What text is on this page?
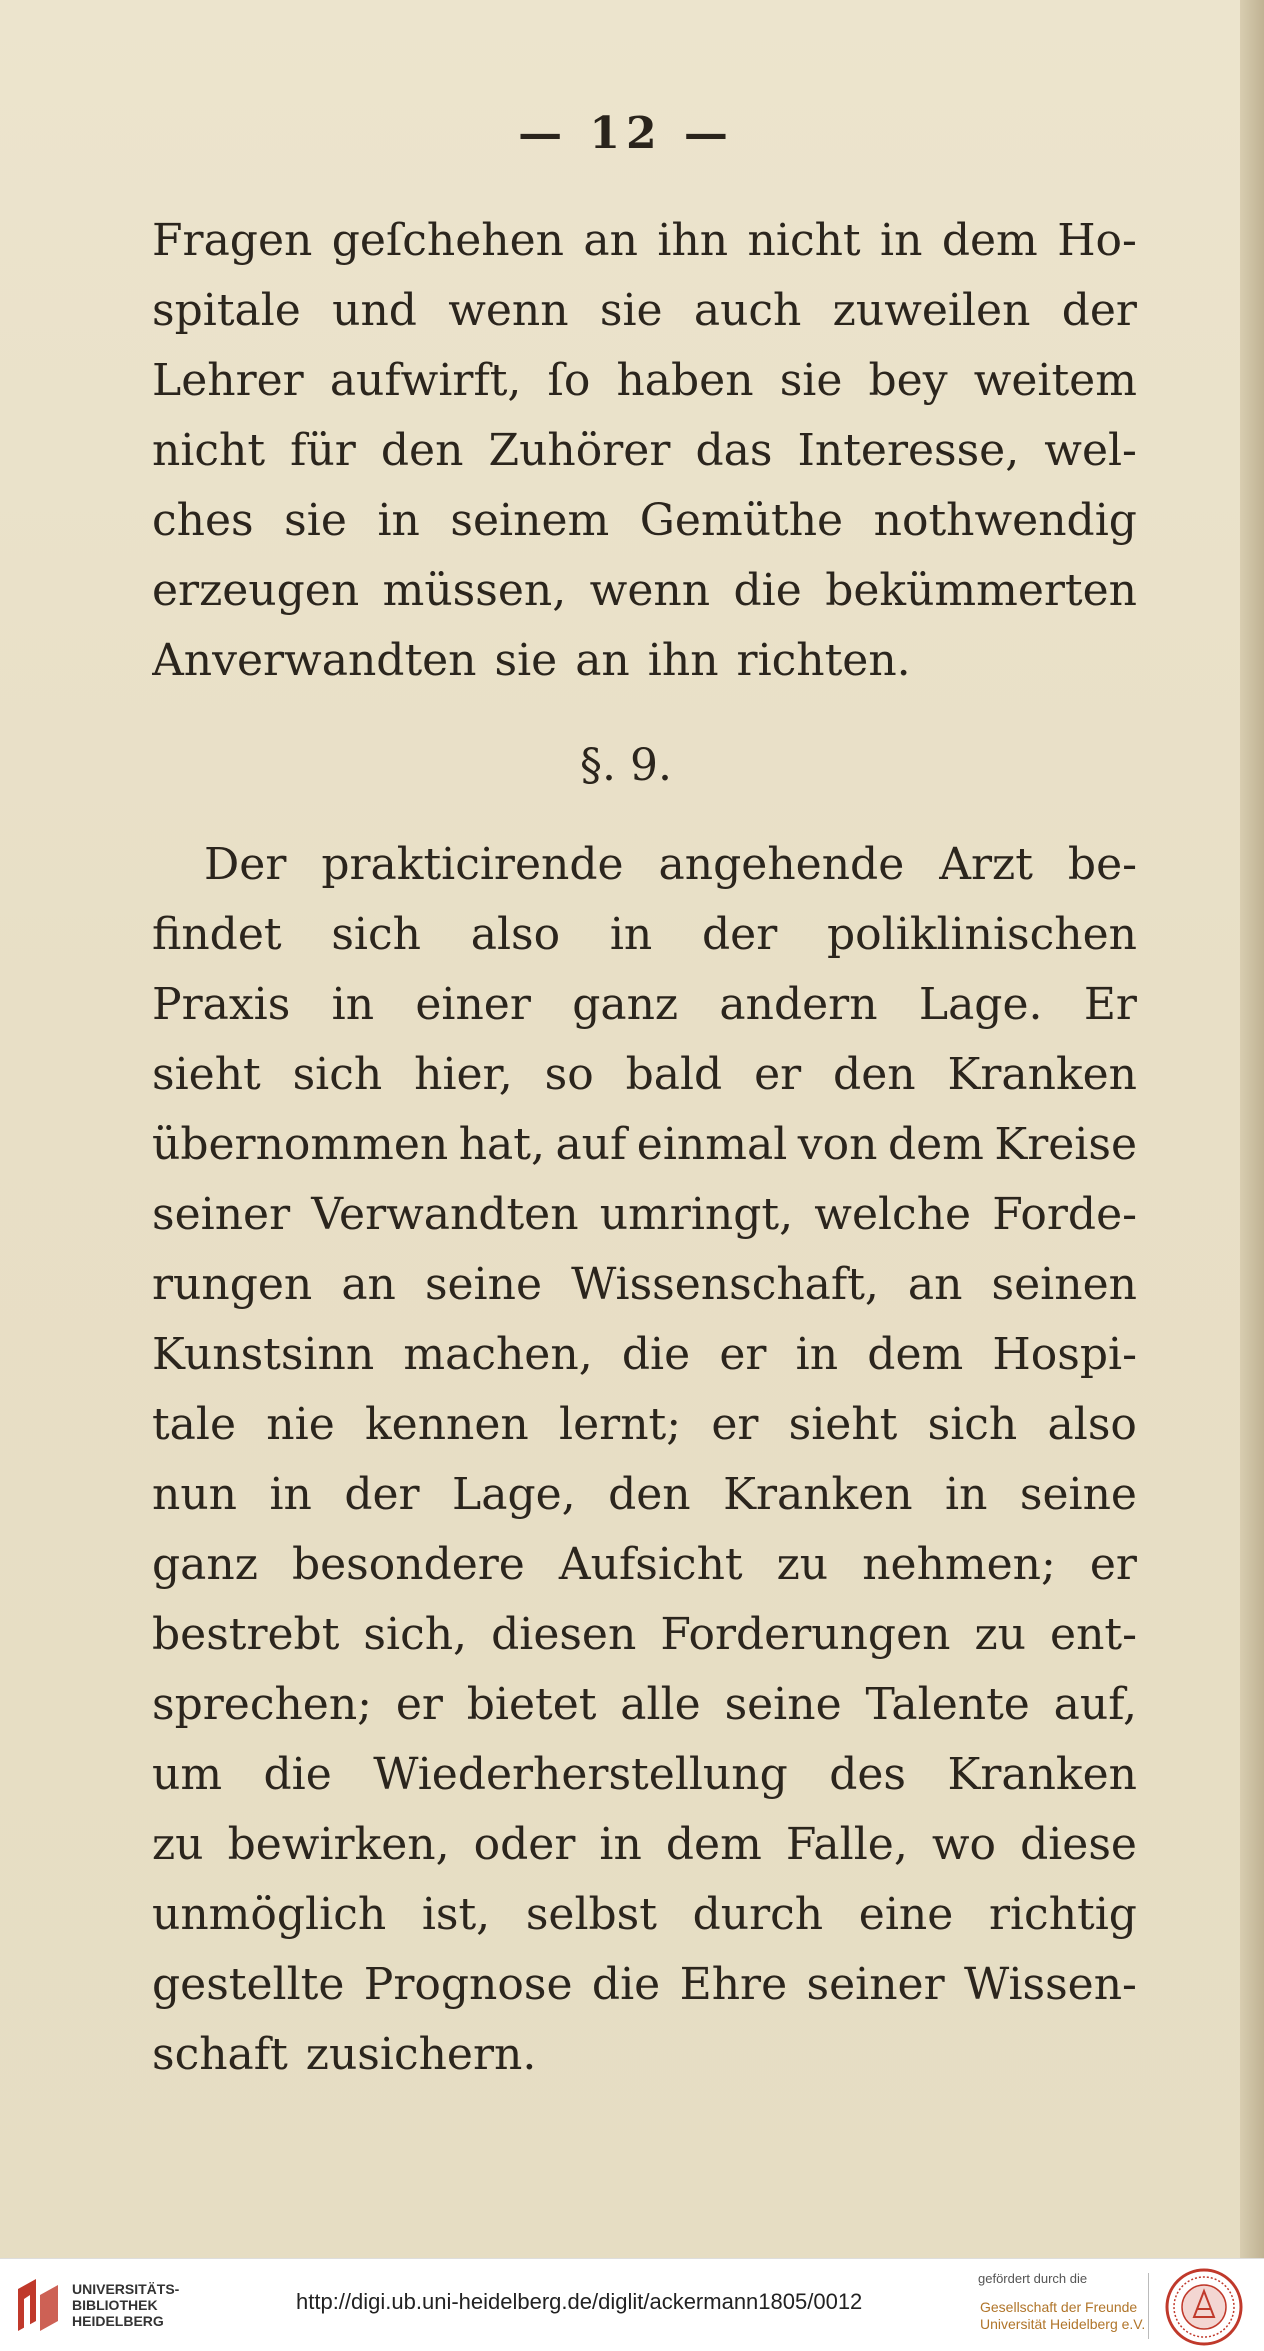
— 12 —
Fragen geſchehen an ihn nicht in dem Ho-
spitale und wenn sie auch zuweilen der
Lehrer aufwirft, ſo haben sie bey weitem
nicht für den Zuhörer das Interesse, wel-
ches sie in seinem Gemüthe nothwendig
erzeugen müssen, wenn die bekümmerten
Anverwandten sie an ihn richten.
§. 9.
Der prakticirende angehende Arzt be-
findet sich also in der poliklinischen
Praxis in einer ganz andern Lage. Er
sieht sich hier, so bald er den Kranken
übernommen hat, auf einmal von dem Kreise
seiner Verwandten umringt, welche Forde-
rungen an seine Wissenschaft, an seinen
Kunstsinn machen, die er in dem Hospi-
tale nie kennen lernt; er sieht sich also
nun in der Lage, den Kranken in seine
ganz besondere Aufsicht zu nehmen; er
bestrebt sich, diesen Forderungen zu ent-
sprechen; er bietet alle seine Talente auf,
um die Wiederherstellung des Kranken
zu bewirken, oder in dem Falle, wo diese
unmöglich ist, selbst durch eine richtig
gestellte Prognose die Ehre seiner Wissen-
schaft zusichern.
UNIVERSITÄTS-
BIBLIOTHEK
HEIDELBERG
http://digi.ub.uni-heidelberg.de/diglit/ackermann1805/0012
gefördert durch die
Gesellschaft der Freunde
Universität Heidelberg e.V.
